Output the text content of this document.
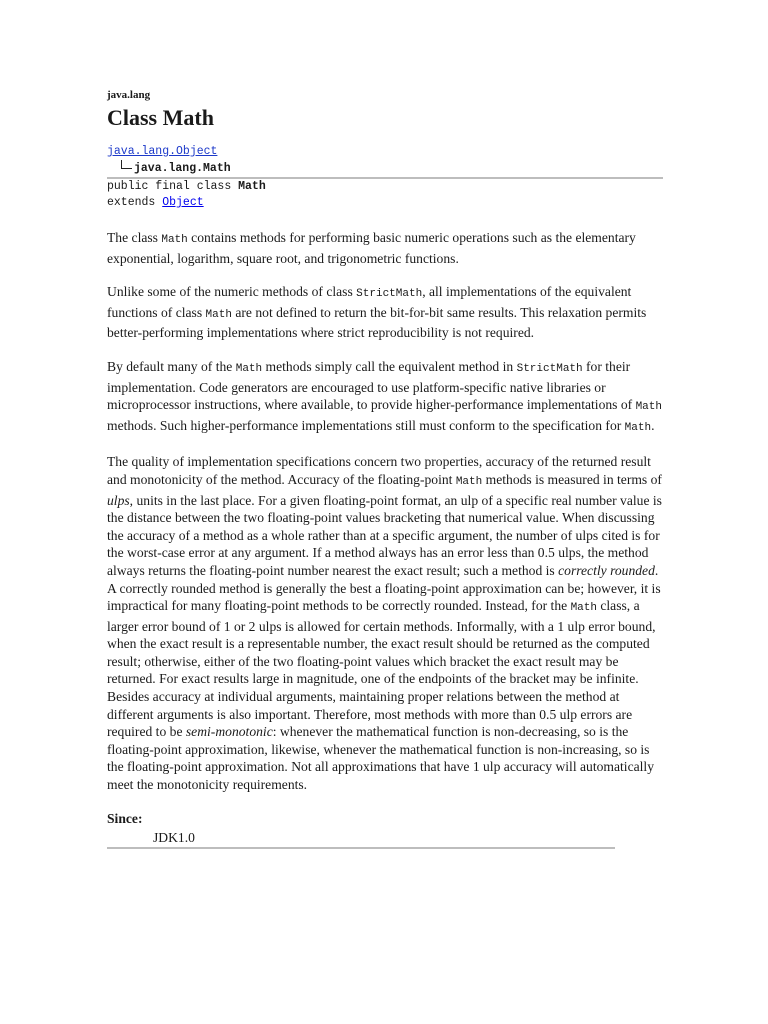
java.lang
Class Math
java.lang.Object
java.lang.Math
public final class Math
extends Object

The class Math contains methods for performing basic numeric operations such as the elementary exponential, logarithm, square root, and trigonometric functions.

Unlike some of the numeric methods of class StrictMath, all implementations of the equivalent functions of class Math are not defined to return the bit-for-bit same results. This relaxation permits better-performing implementations where strict reproducibility is not required.

By default many of the Math methods simply call the equivalent method in StrictMath for their implementation. Code generators are encouraged to use platform-specific native libraries or microprocessor instructions, where available, to provide higher-performance implementations of Math methods. Such higher-performance implementations still must conform to the specification for Math.

The quality of implementation specifications concern two properties, accuracy of the returned result and monotonicity of the method. Accuracy of the floating-point Math methods is measured in terms of ulps, units in the last place. For a given floating-point format, an ulp of a specific real number value is the distance between the two floating-point values bracketing that numerical value. When discussing the accuracy of a method as a whole rather than at a specific argument, the number of ulps cited is for the worst-case error at any argument. If a method always has an error less than 0.5 ulps, the method always returns the floating-point number nearest the exact result; such a method is correctly rounded. A correctly rounded method is generally the best a floating-point approximation can be; however, it is impractical for many floating-point methods to be correctly rounded. Instead, for the Math class, a larger error bound of 1 or 2 ulps is allowed for certain methods. Informally, with a 1 ulp error bound, when the exact result is a representable number, the exact result should be returned as the computed result; otherwise, either of the two floating-point values which bracket the exact result may be returned. For exact results large in magnitude, one of the endpoints of the bracket may be infinite. Besides accuracy at individual arguments, maintaining proper relations between the method at different arguments is also important. Therefore, most methods with more than 0.5 ulp errors are required to be semi-monotonic: whenever the mathematical function is non-decreasing, so is the floating-point approximation, likewise, whenever the mathematical function is non-increasing, so is the floating-point approximation. Not all approximations that have 1 ulp accuracy will automatically meet the monotonicity requirements.

Since:
JDK1.0
